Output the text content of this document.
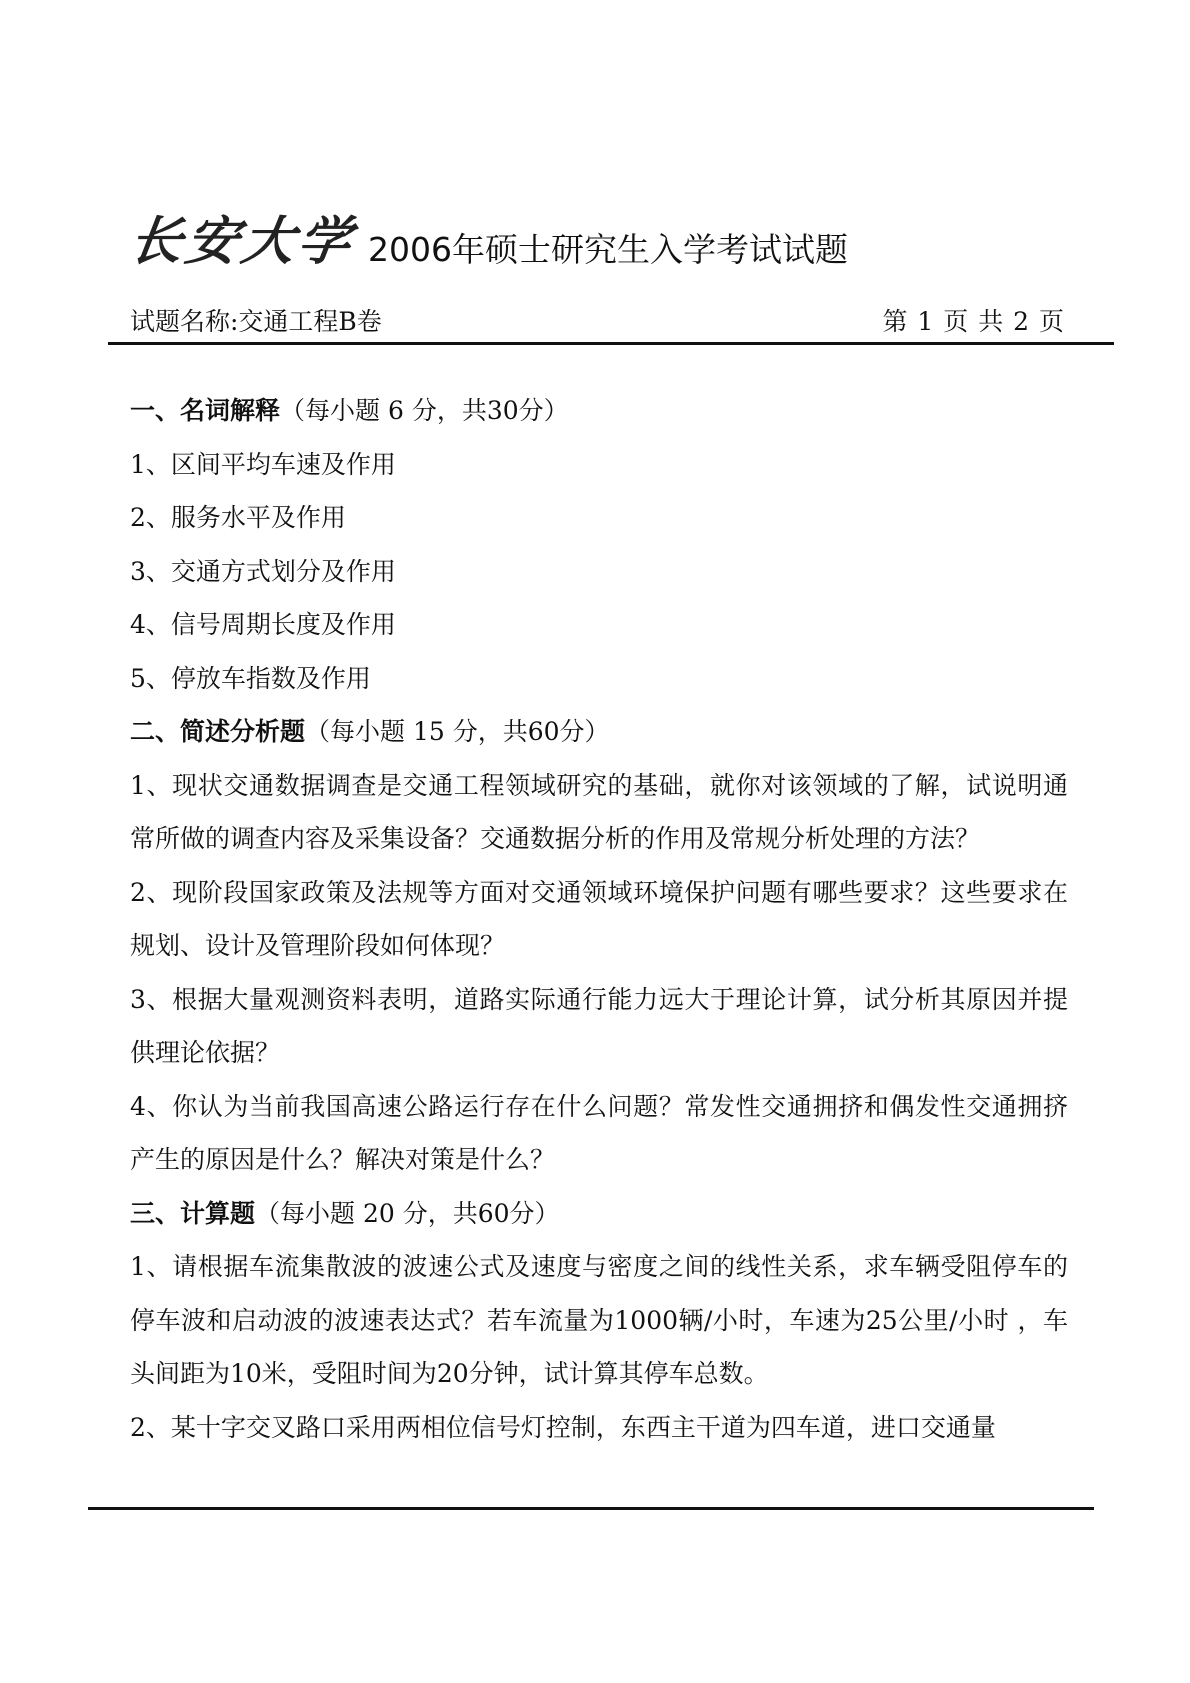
长安大学 2006年硕士研究生入学考试试题
试题名称:交通工程B卷	第 1 页 共 2 页

一、名词解释（每小题 6 分，共30分）

1、区间平均车速及作用

2、服务水平及作用

3、交通方式划分及作用

4、信号周期长度及作用

5、停放车指数及作用

二、简述分析题（每小题 15 分，共60分）

1、现状交通数据调查是交通工程领域研究的基础，就你对该领域的了解，试说明通常所做的调查内容及采集设备？交通数据分析的作用及常规分析处理的方法？

2、现阶段国家政策及法规等方面对交通领域环境保护问题有哪些要求？这些要求在规划、设计及管理阶段如何体现？

3、根据大量观测资料表明，道路实际通行能力远大于理论计算，试分析其原因并提供理论依据？

4、你认为当前我国高速公路运行存在什么问题？常发性交通拥挤和偶发性交通拥挤产生的原因是什么？解决对策是什么？

三、计算题（每小题 20 分，共60分）

1、请根据车流集散波的波速公式及速度与密度之间的线性关系，求车辆受阻停车的停车波和启动波的波速表达式？若车流量为1000辆/小时，车速为25公里/小时 ，车头间距为10米，受阻时间为20分钟，试计算其停车总数。

2、某十字交叉路口采用两相位信号灯控制，东西主干道为四车道，进口交通量
